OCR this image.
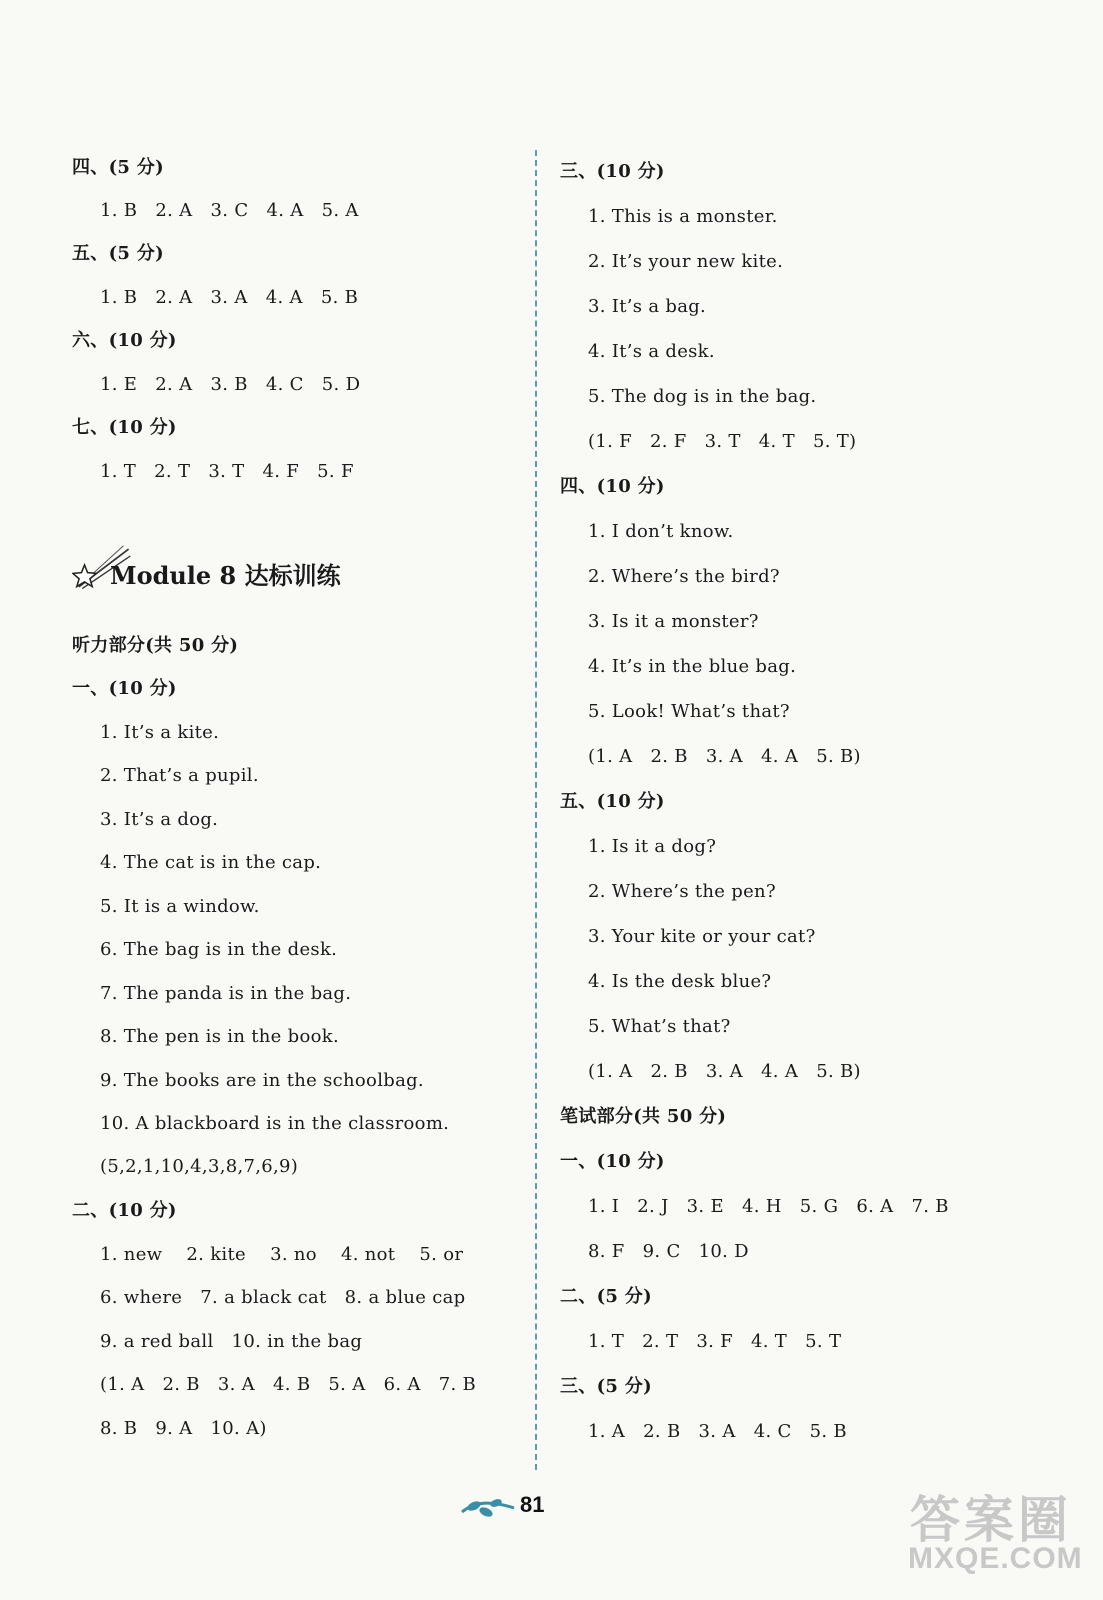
四、(5 分)
1. B   2. A   3. C   4. A   5. A
五、(5 分)
1. B   2. A   3. A   4. A   5. B
六、(10 分)
1. E   2. A   3. B   4. C   5. D
七、(10 分)
1. T   2. T   3. T   4. F   5. F
Module 8 达标训练
听力部分(共 50 分)
一、(10 分)
1. It’s a kite.
2. That’s a pupil.
3. It’s a dog.
4. The cat is in the cap.
5. It is a window.
6. The bag is in the desk.
7. The panda is in the bag.
8. The pen is in the book.
9. The books are in the schoolbag.
10. A blackboard is in the classroom.
(5,2,1,10,4,3,8,7,6,9)
二、(10 分)
1. new    2. kite    3. no    4. not    5. or
6. where   7. a black cat   8. a blue cap
9. a red ball   10. in the bag
(1. A   2. B   3. A   4. B   5. A   6. A   7. B
8. B   9. A   10. A)
三、(10 分)
1. This is a monster.
2. It’s your new kite.
3. It’s a bag.
4. It’s a desk.
5. The dog is in the bag.
(1. F   2. F   3. T   4. T   5. T)
四、(10 分)
1. I don’t know.
2. Where’s the bird?
3. Is it a monster?
4. It’s in the blue bag.
5. Look! What’s that?
(1. A   2. B   3. A   4. A   5. B)
五、(10 分)
1. Is it a dog?
2. Where’s the pen?
3. Your kite or your cat?
4. Is the desk blue?
5. What’s that?
(1. A   2. B   3. A   4. A   5. B)
笔试部分(共 50 分)
一、(10 分)
1. I   2. J   3. E   4. H   5. G   6. A   7. B
8. F   9. C   10. D
二、(5 分)
1. T   2. T   3. F   4. T   5. T
三、(5 分)
1. A   2. B   3. A   4. C   5. B
81	答案圈
MXQE.COM
